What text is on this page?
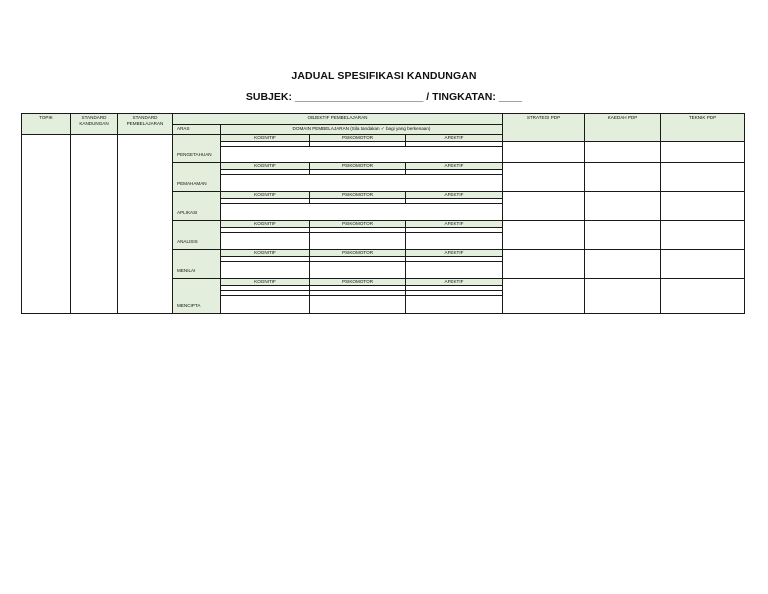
JADUAL SPESIFIKASI KANDUNGAN
SUBJEK: ______________________ / TINGKATAN: ____
TOPIK	STANDARD KANDUNGAN	STANDARD PEMBELAJARAN	OBJEKTIF PEMBELAJARAN				STRATEGI PDP	KAEDAH PDP	TEKNIK PDP

			ARAS	DOMAIN PEMBELAJARAN (Sila tandakan ✓ bagi yang berkenaan)					

			PENGETAHUAN	KOGNITIF	PSIKOMOTOR	AFEKTIF			

			PEMAHAMAN	KOGNITIF	PSIKOMOTOR	AFEKTIF			

			APLIKASI	KOGNITIF	PSIKOMOTOR	AFEKTIF			

			ANALISIS	KOGNITIF	PSIKOMOTOR	AFEKTIF			

			MENILAI	KOGNITIF	PSIKOMOTOR	AFEKTIF			

			MENCIPTA	KOGNITIF	PSIKOMOTOR	AFEKTIF			
